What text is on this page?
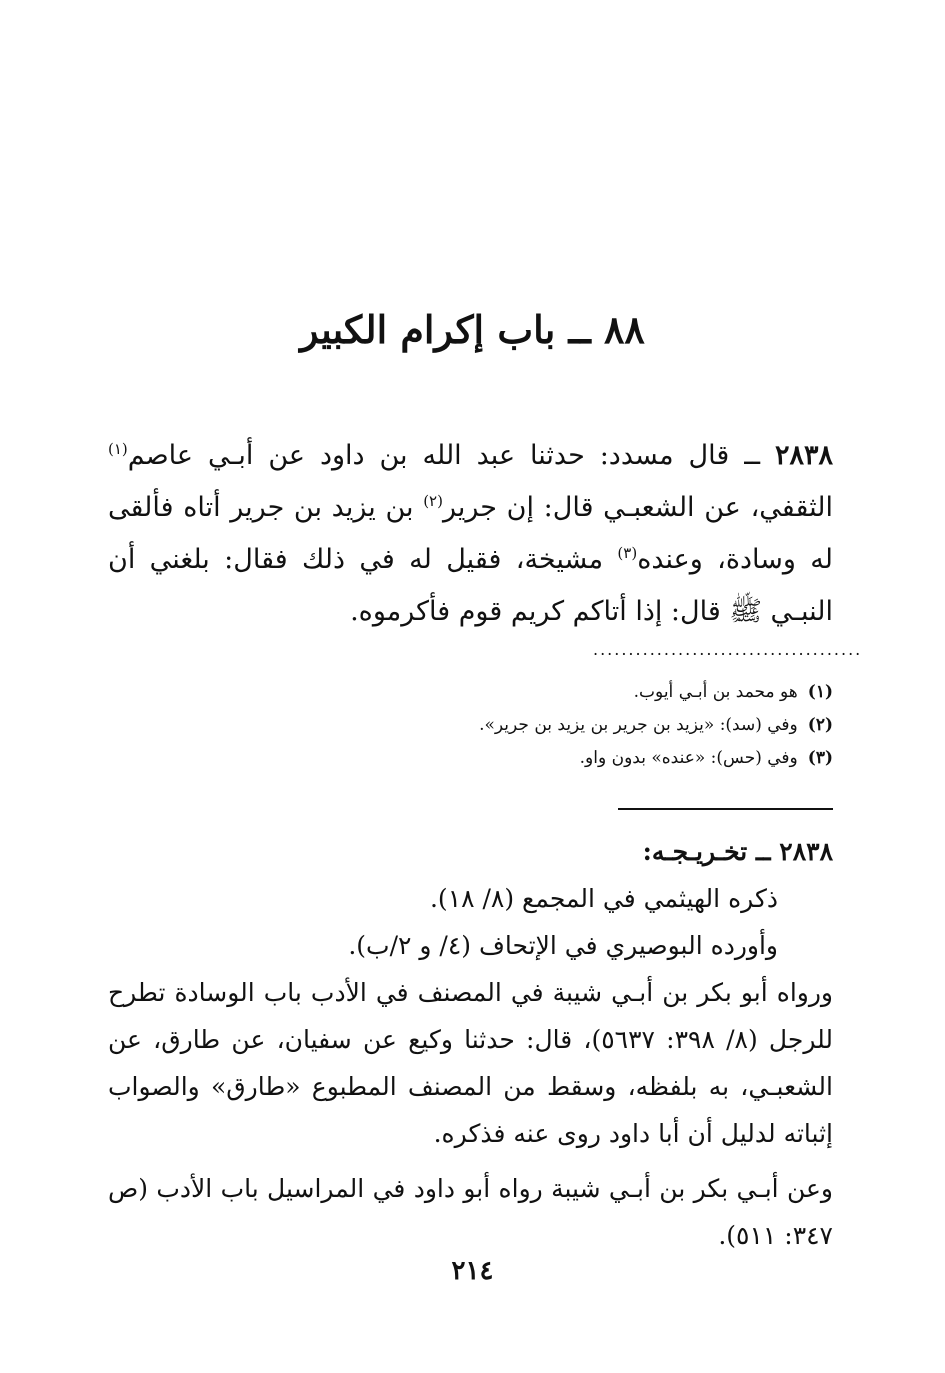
٨٨ ــ باب إكرام الكبير

٢٨٣٨ ــ قال مسدد: حدثنا عبد الله بن داود عن أبـي عاصم$^{(١)}$ الثقفي، عن الشعبـي قال: إن جرير$^{(٢)}$ بن يزيد بن جرير أتاه فألقى له وسادة، وعنده$^{(٣)}$ مشيخة، فقيل له في ذلك فقال: بلغني أن النبـي ﷺ قال: إذا أتاكم كريم قوم فأكرموه.

......................................
(١)هو محمد بن أبـي أيوب.
(٢)وفي (سد): «يزيد بن جرير بن يزيد بن جرير».
(٣)وفي (حس): «عنده» بدون واو.

٢٨٣٨ ــ تخـريـجـه:

ذكره الهيثمي في المجمع (٨/ ١٨).

وأورده البوصيري في الإتحاف (٤/ و ٢/ب).

ورواه أبو بكر بن أبـي شيبة في المصنف في الأدب باب الوسادة تطرح للرجل (٨/ ٣٩٨: ٥٦٣٧)، قال: حدثنا وكيع عن سفيان، عن طارق، عن الشعبـي، به بلفظه، وسقط من المصنف المطبوع «طارق» والصواب إثباته لدليل أن أبا داود روى عنه فذكره.

وعن أبـي بكر بن أبـي شيبة رواه أبو داود في المراسيل باب الأدب (ص ٣٤٧: ٥١١).

٢١٤
